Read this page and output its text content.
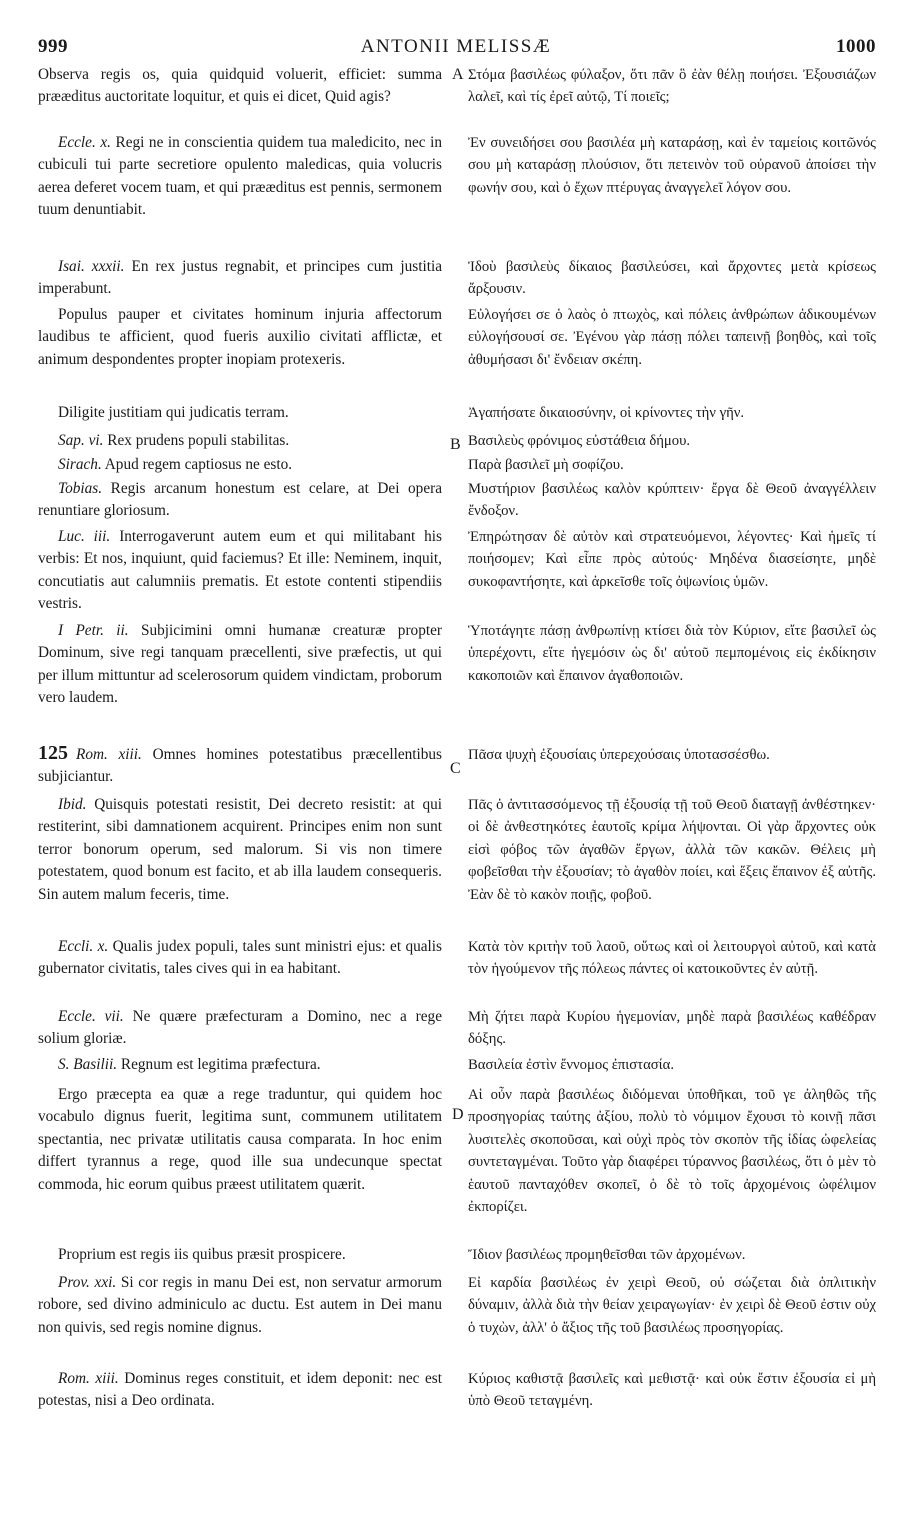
ANTONII MELISSÆ
999	1000
A
B
C
D

Observa regis os, quia quidquid voluerit, efficiet: summa prææditus auctoritate loquitur, et quis ei dicet, Quid agis?

Eccle. x. Regi ne in conscientia quidem tua maledicito, nec in cubiculi tui parte secretiore opulento maledicas, quia volucris aerea deferet vocem tuam, et qui prææditus est pennis, sermonem tuum denuntiabit.

Isai. xxxii. En rex justus regnabit, et principes cum justitia imperabunt.

Populus pauper et civitates hominum injuria affectorum laudibus te afficient, quod fueris auxilio civitati afflictæ, et animum despondentes propter inopiam protexeris.

Diligite justitiam qui judicatis terram.

Sap. vi. Rex prudens populi stabilitas.

Sirach. Apud regem captiosus ne esto.

Tobias. Regis arcanum honestum est celare, at Dei opera renuntiare gloriosum.

Luc. iii. Interrogaverunt autem eum et qui militabant his verbis: Et nos, inquiunt, quid faciemus? Et ille: Neminem, inquit, concutiatis aut calumniis prematis. Et estote contenti stipendiis vestris.

I Petr. ii. Subjicimini omni humanæ creaturæ propter Dominum, sive regi tanquam præcellenti, sive præfectis, ut qui per illum mittuntur ad scelerosorum quidem vindictam, proborum vero laudem.

125 Rom. xiii. Omnes homines potestatibus præcellentibus subjiciantur.

Ibid. Quisquis potestati resistit, Dei decreto resistit: at qui restiterint, sibi damnationem acquirent. Principes enim non sunt terror bonorum operum, sed malorum. Si vis non timere potestatem, quod bonum est facito, et ab illa laudem consequeris. Sin autem malum feceris, time.

Eccli. x. Qualis judex populi, tales sunt ministri ejus: et qualis gubernator civitatis, tales cives qui in ea habitant.

Eccle. vii. Ne quære præfecturam a Domino, nec a rege solium gloriæ.

S. Basilii. Regnum est legitima præfectura.

Ergo præcepta ea quæ a rege traduntur, qui quidem hoc vocabulo dignus fuerit, legitima sunt, communem utilitatem spectantia, nec privatæ utilitatis causa comparata. In hoc enim differt tyrannus a rege, quod ille sua undecunque spectat commoda, hic eorum quibus præest utilitatem quærit.

Proprium est regis iis quibus præsit prospicere.

Prov. xxi. Si cor regis in manu Dei est, non servatur armorum robore, sed divino adminiculo ac ductu. Est autem in Dei manu non quivis, sed regis nomine dignus.

Rom. xiii. Dominus reges constituit, et idem deponit: nec est potestas, nisi a Deo ordinata.

Στόμα βασιλέως φύλαξον, ὅτι πᾶν ὃ ἐὰν θέλῃ ποιήσει. Ἐξουσιάζων λαλεῖ, καὶ τίς ἐρεῖ αὐτῷ, Τί ποιεῖς;

Ἐν συνειδήσει σου βασιλέα μὴ καταράσῃ, καὶ ἐν ταμείοις κοιτῶνός σου μὴ καταράσῃ πλούσιον, ὅτι πετεινὸν τοῦ οὐρανοῦ ἀποίσει τὴν φωνήν σου, καὶ ὁ ἔχων πτέρυγας ἀναγγελεῖ λόγον σου.

Ἰδοὺ βασιλεὺς δίκαιος βασιλεύσει, καὶ ἄρχοντες μετὰ κρίσεως ἄρξουσιν.

Εὐλογήσει σε ὁ λαὸς ὁ πτωχὸς, καὶ πόλεις ἀνθρώπων ἀδικουμένων εὐλογήσουσί σε. Ἐγένου γὰρ πάσῃ πόλει ταπεινῇ βοηθὸς, καὶ τοῖς ἀθυμήσασι δι' ἔνδειαν σκέπη.

Ἀγαπήσατε δικαιοσύνην, οἱ κρίνοντες τὴν γῆν.

Βασιλεὺς φρόνιμος εὐστάθεια δήμου.

Παρὰ βασιλεῖ μὴ σοφίζου.

Μυστήριον βασιλέως καλὸν κρύπτειν· ἔργα δὲ Θεοῦ ἀναγγέλλειν ἔνδοξον.

Ἐπηρώτησαν δὲ αὐτὸν καὶ στρατευόμενοι, λέγοντες· Καὶ ἡμεῖς τί ποιήσομεν; Καὶ εἶπε πρὸς αὐτούς· Μηδένα διασείσητε, μηδὲ συκοφαντήσητε, καὶ ἀρκεῖσθε τοῖς ὀψωνίοις ὑμῶν.

Ὑποτάγητε πάσῃ ἀνθρωπίνῃ κτίσει διὰ τὸν Κύριον, εἴτε βασιλεῖ ὡς ὑπερέχοντι, εἴτε ἡγεμόσιν ὡς δι' αὐτοῦ πεμπομένοις εἰς ἐκδίκησιν κακοποιῶν καὶ ἔπαινον ἀγαθοποιῶν.

Πᾶσα ψυχὴ ἐξουσίαις ὑπερεχούσαις ὑποτασσέσθω.

Πᾶς ὁ ἀντιτασσόμενος τῇ ἐξουσίᾳ τῇ τοῦ Θεοῦ διαταγῇ ἀνθέστηκεν· οἱ δὲ ἀνθεστηκότες ἑαυτοῖς κρίμα λήψονται. Οἱ γὰρ ἄρχοντες οὐκ εἰσὶ φόβος τῶν ἀγαθῶν ἔργων, ἀλλὰ τῶν κακῶν. Θέλεις μὴ φοβεῖσθαι τὴν ἐξουσίαν; τὸ ἀγαθὸν ποίει, καὶ ἕξεις ἔπαινον ἐξ αὐτῆς. Ἐὰν δὲ τὸ κακὸν ποιῇς, φοβοῦ.

Κατὰ τὸν κριτὴν τοῦ λαοῦ, οὕτως καὶ οἱ λειτουργοὶ αὐτοῦ, καὶ κατὰ τὸν ἡγούμενον τῆς πόλεως πάντες οἱ κατοικοῦντες ἐν αὐτῇ.

Μὴ ζήτει παρὰ Κυρίου ἡγεμονίαν, μηδὲ παρὰ βασιλέως καθέδραν δόξης.

Βασιλεία ἐστὶν ἔννομος ἐπιστασία.

Αἱ οὖν παρὰ βασιλέως διδόμεναι ὑποθῆκαι, τοῦ γε ἀληθῶς τῆς προσηγορίας ταύτης ἀξίου, πολὺ τὸ νόμιμον ἔχουσι τὸ κοινῇ πᾶσι λυσιτελὲς σκοποῦσαι, καὶ οὐχὶ πρὸς τὸν σκοπὸν τῆς ἰδίας ὠφελείας συντεταγμέναι. Τοῦτο γὰρ διαφέρει τύραννος βασιλέως, ὅτι ὁ μὲν τὸ ἑαυτοῦ πανταχόθεν σκοπεῖ, ὁ δὲ τὸ τοῖς ἀρχομένοις ὠφέλιμον ἐκπορίζει.

Ἴδιον βασιλέως προμηθεῖσθαι τῶν ἀρχομένων.

Εἰ καρδία βασιλέως ἐν χειρὶ Θεοῦ, οὐ σώζεται διὰ ὁπλιτικὴν δύναμιν, ἀλλὰ διὰ τὴν θείαν χειραγωγίαν· ἐν χειρὶ δὲ Θεοῦ ἐστιν οὐχ ὁ τυχὼν, ἀλλ' ὁ ἄξιος τῆς τοῦ βασιλέως προσηγορίας.

Κύριος καθιστᾷ βασιλεῖς καὶ μεθιστᾷ· καὶ οὐκ ἔστιν ἐξουσία εἰ μὴ ὑπὸ Θεοῦ τεταγμένη.
